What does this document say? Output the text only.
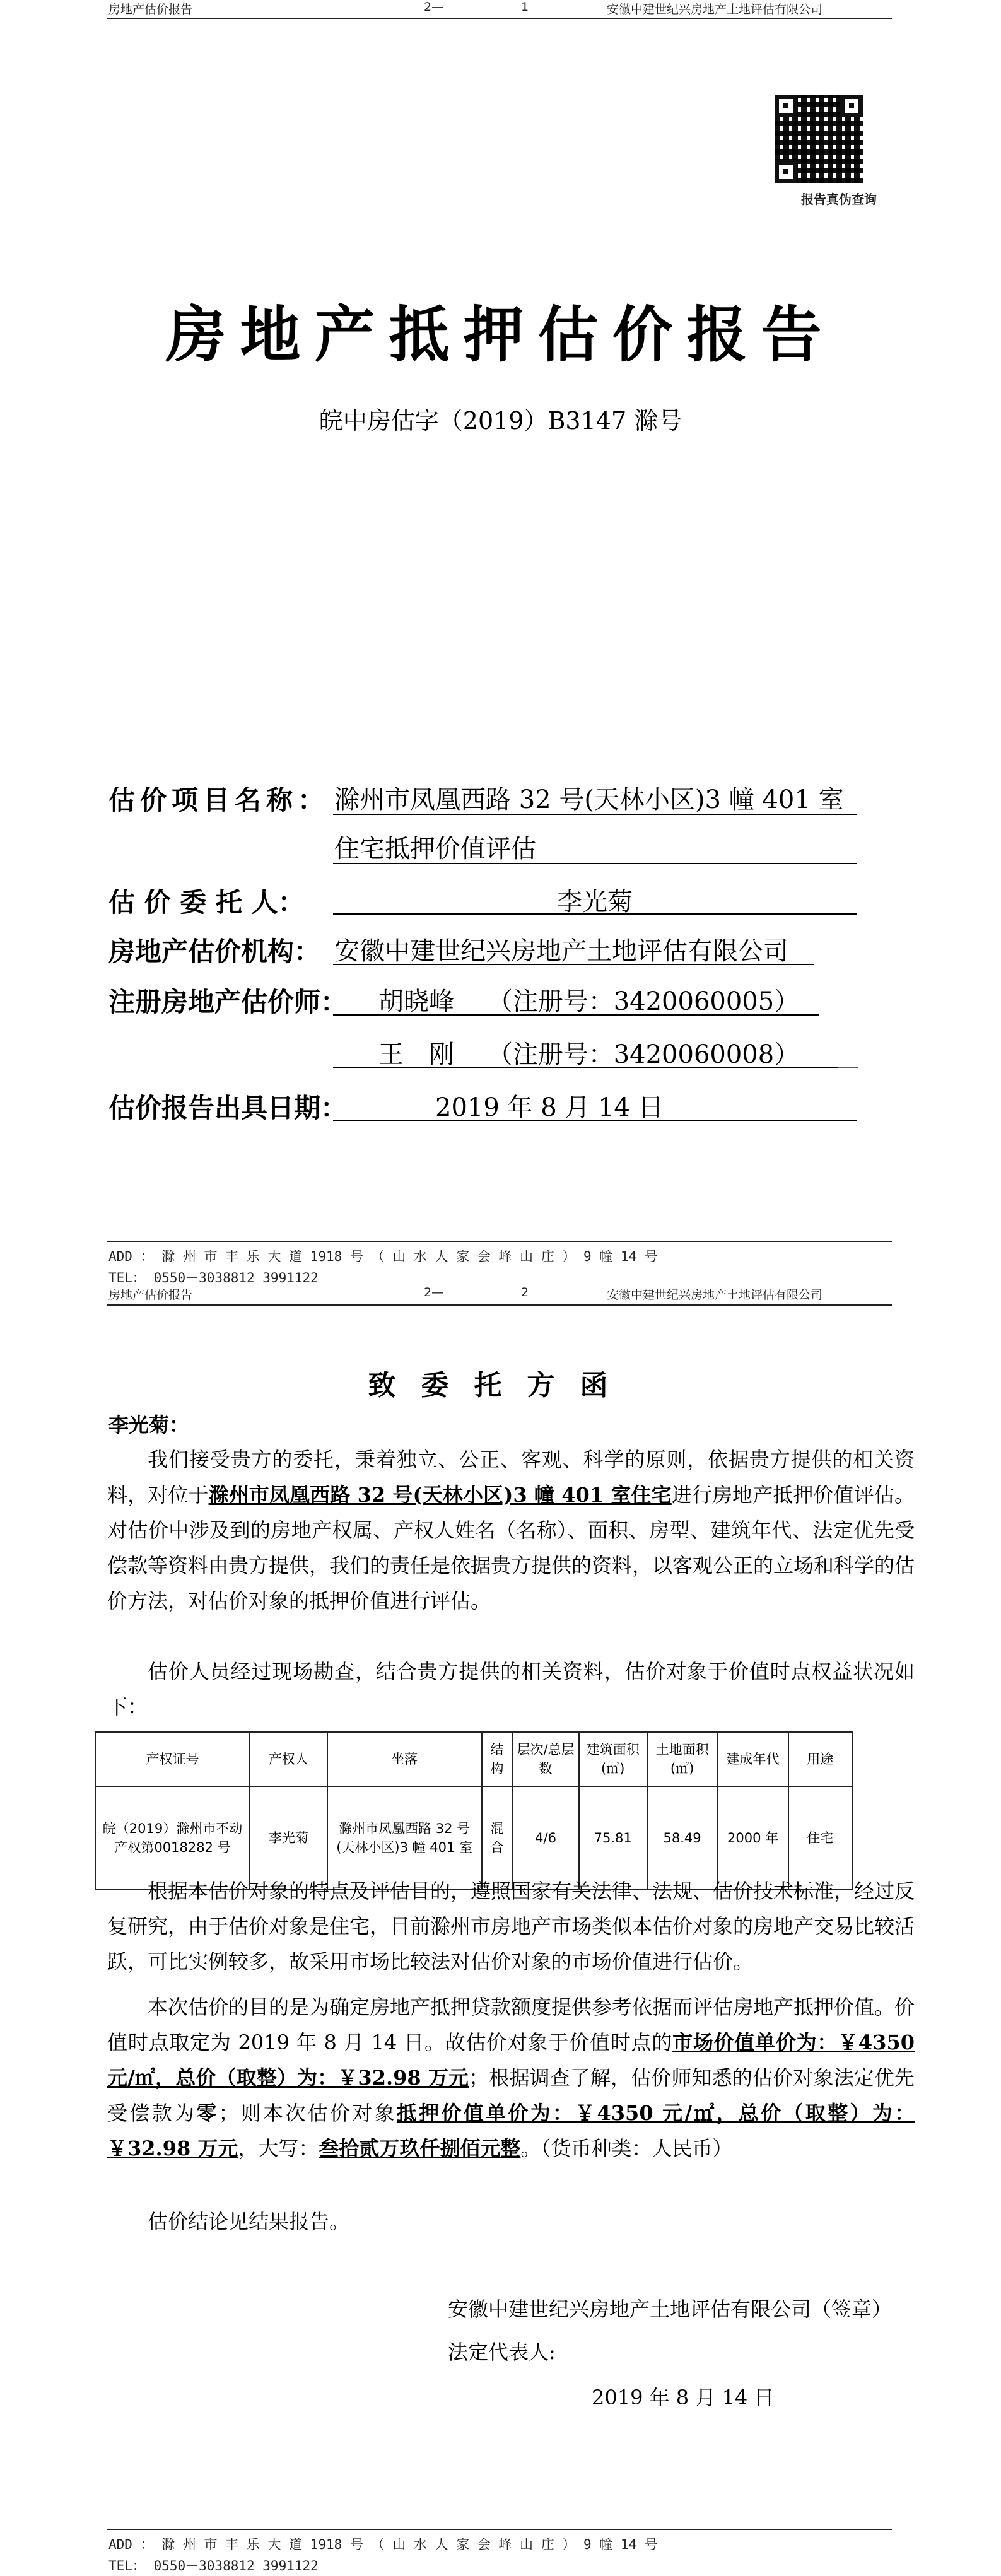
房地产估价报告	2—	1	安徽中建世纪兴房地产土地评估有限公司
报告真伪查询
房地产抵押估价报告
皖中房估字（2019）B3147 滁号
估价项目名称： 滁州市凤凰西路 32 号(天林小区)3 幢 401 室
住宅抵押价值评估
估 价 委 托 人：	李光菊
房地产估价机构： 安徽中建世纪兴房地产土地评估有限公司
注册房地产估价师： 胡晓峰　 （注册号：3420060005）
王　刚　 （注册号：3420060008）
估价报告出具日期：	2019 年 8 月 14 日
ADD ： 滁 州 市 丰 乐 大 道 1918 号 （ 山 水 人 家 会 峰 山 庄 ） 9 幢 14 号
TEL： 0550－3038812 3991122
房地产估价报告	2—	2	安徽中建世纪兴房地产土地评估有限公司
致委托方函
李光菊：
我们接受贵方的委托，秉着独立、公正、客观、科学的原则，依据贵方提供的相关资料，对位于滁州市凤凰西路 32 号(天林小区)3 幢 401 室住宅进行房地产抵押价值评估。对估价中涉及到的房地产权属、产权人姓名（名称）、面积、房型、建筑年代、法定优先受偿款等资料由贵方提供，我们的责任是依据贵方提供的资料，以客观公正的立场和科学的估价方法，对估价对象的抵押价值进行评估。
估价人员经过现场勘查，结合贵方提供的相关资料，估价对象于价值时点权益状况如下：
产权证号	产权人	坐落	结构	层次/总层数	建筑面积(㎡)	土地面积(㎡)	建成年代	用途
皖（2019）滁州市不动产权第0018282 号	李光菊	滁州市凤凰西路 32 号(天林小区)3 幢 401 室	混合	4/6	75.81	58.49	2000 年	住宅
根据本估价对象的特点及评估目的，遵照国家有关法律、法规、估价技术标准，经过反复研究，由于估价对象是住宅，目前滁州市房地产市场类似本估价对象的房地产交易比较活跃，可比实例较多，故采用市场比较法对估价对象的市场价值进行估价。
本次估价的目的是为确定房地产抵押贷款额度提供参考依据而评估房地产抵押价值。价值时点取定为 2019 年 8 月 14 日。故估价对象于价值时点的市场价值单价为：￥4350 元/㎡，总价（取整）为：￥32.98 万元；根据调查了解，估价师知悉的估价对象法定优先受偿款为零；则本次估价对象抵押价值单价为：￥4350 元/㎡，总价（取整）为：￥32.98 万元，大写：叁拾贰万玖仟捌佰元整。（货币种类：人民币）
估价结论见结果报告。
安徽中建世纪兴房地产土地评估有限公司（签章）
法定代表人:
2019 年 8 月 14 日
ADD ： 滁 州 市 丰 乐 大 道 1918 号 （ 山 水 人 家 会 峰 山 庄 ） 9 幢 14 号
TEL： 0550－3038812 3991122
